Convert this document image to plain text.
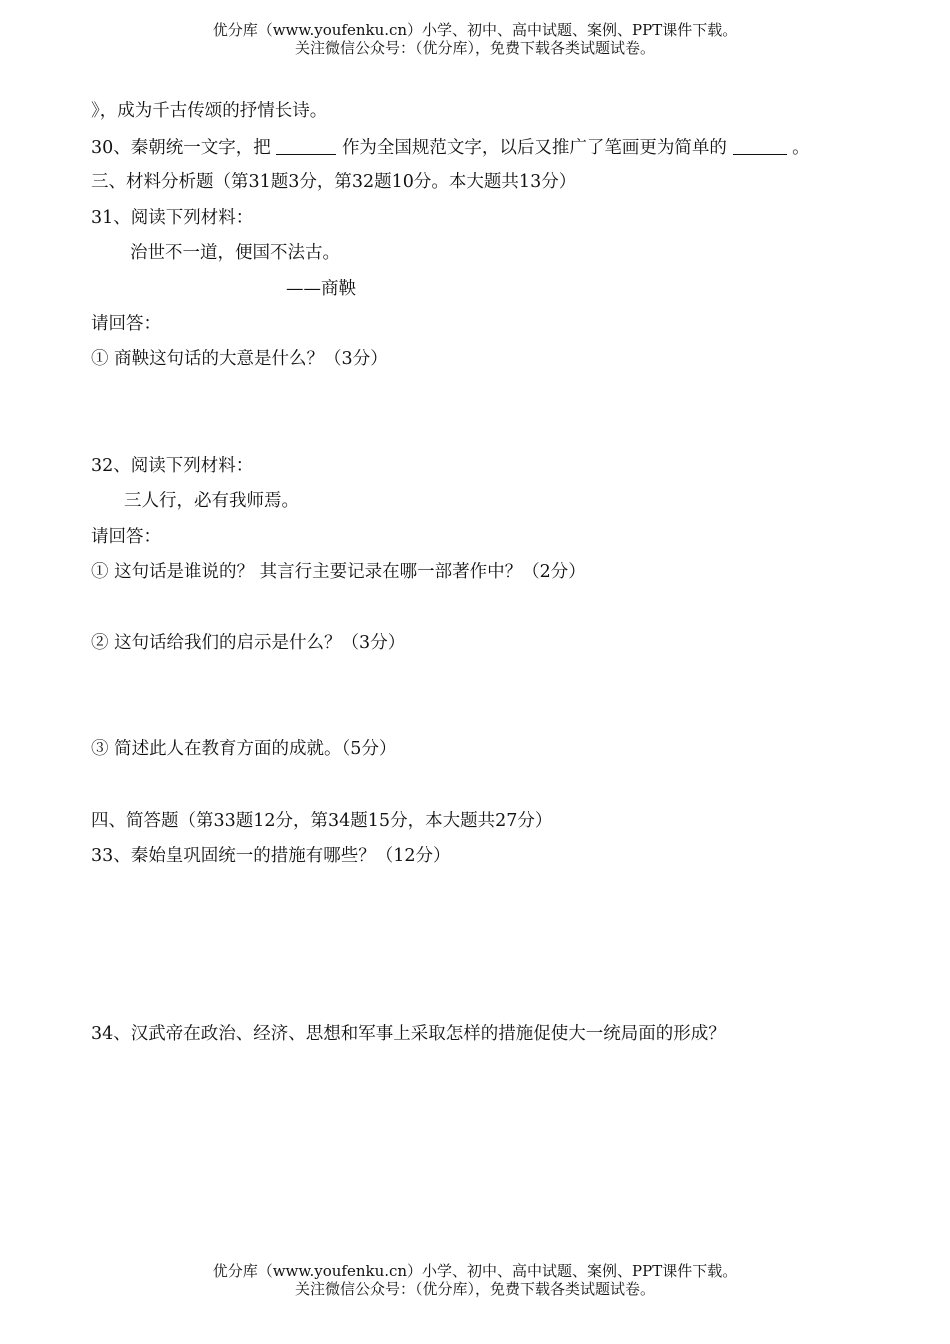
优分库（www.youfenku.cn）小学、初中、高中试题、案例、PPT课件下载。
关注微信公众号：（优分库），免费下载各类试题试卷。
》，成为千古传颂的抒情长诗。
30、秦朝统一文字，把	作为全国规范文字，以后又推广了笔画更为简单的	。
三、材料分析题（第31题3分，第32题10分。本大题共13分）
31、阅读下列材料：
治世不一道，便国不法古。
——商鞅
请回答：
① 商鞅这句话的大意是什么？（3分）
32、阅读下列材料：
三人行，必有我师焉。
请回答：
① 这句话是谁说的？ 其言行主要记录在哪一部著作中？（2分）
② 这句话给我们的启示是什么？（3分）
③ 简述此人在教育方面的成就。（5分）
四、简答题（第33题12分，第34题15分，本大题共27分）
33、秦始皇巩固统一的措施有哪些？（12分）
34、汉武帝在政治、经济、思想和军事上采取怎样的措施促使大一统局面的形成？
优分库（www.youfenku.cn）小学、初中、高中试题、案例、PPT课件下载。
关注微信公众号：（优分库），免费下载各类试题试卷。
